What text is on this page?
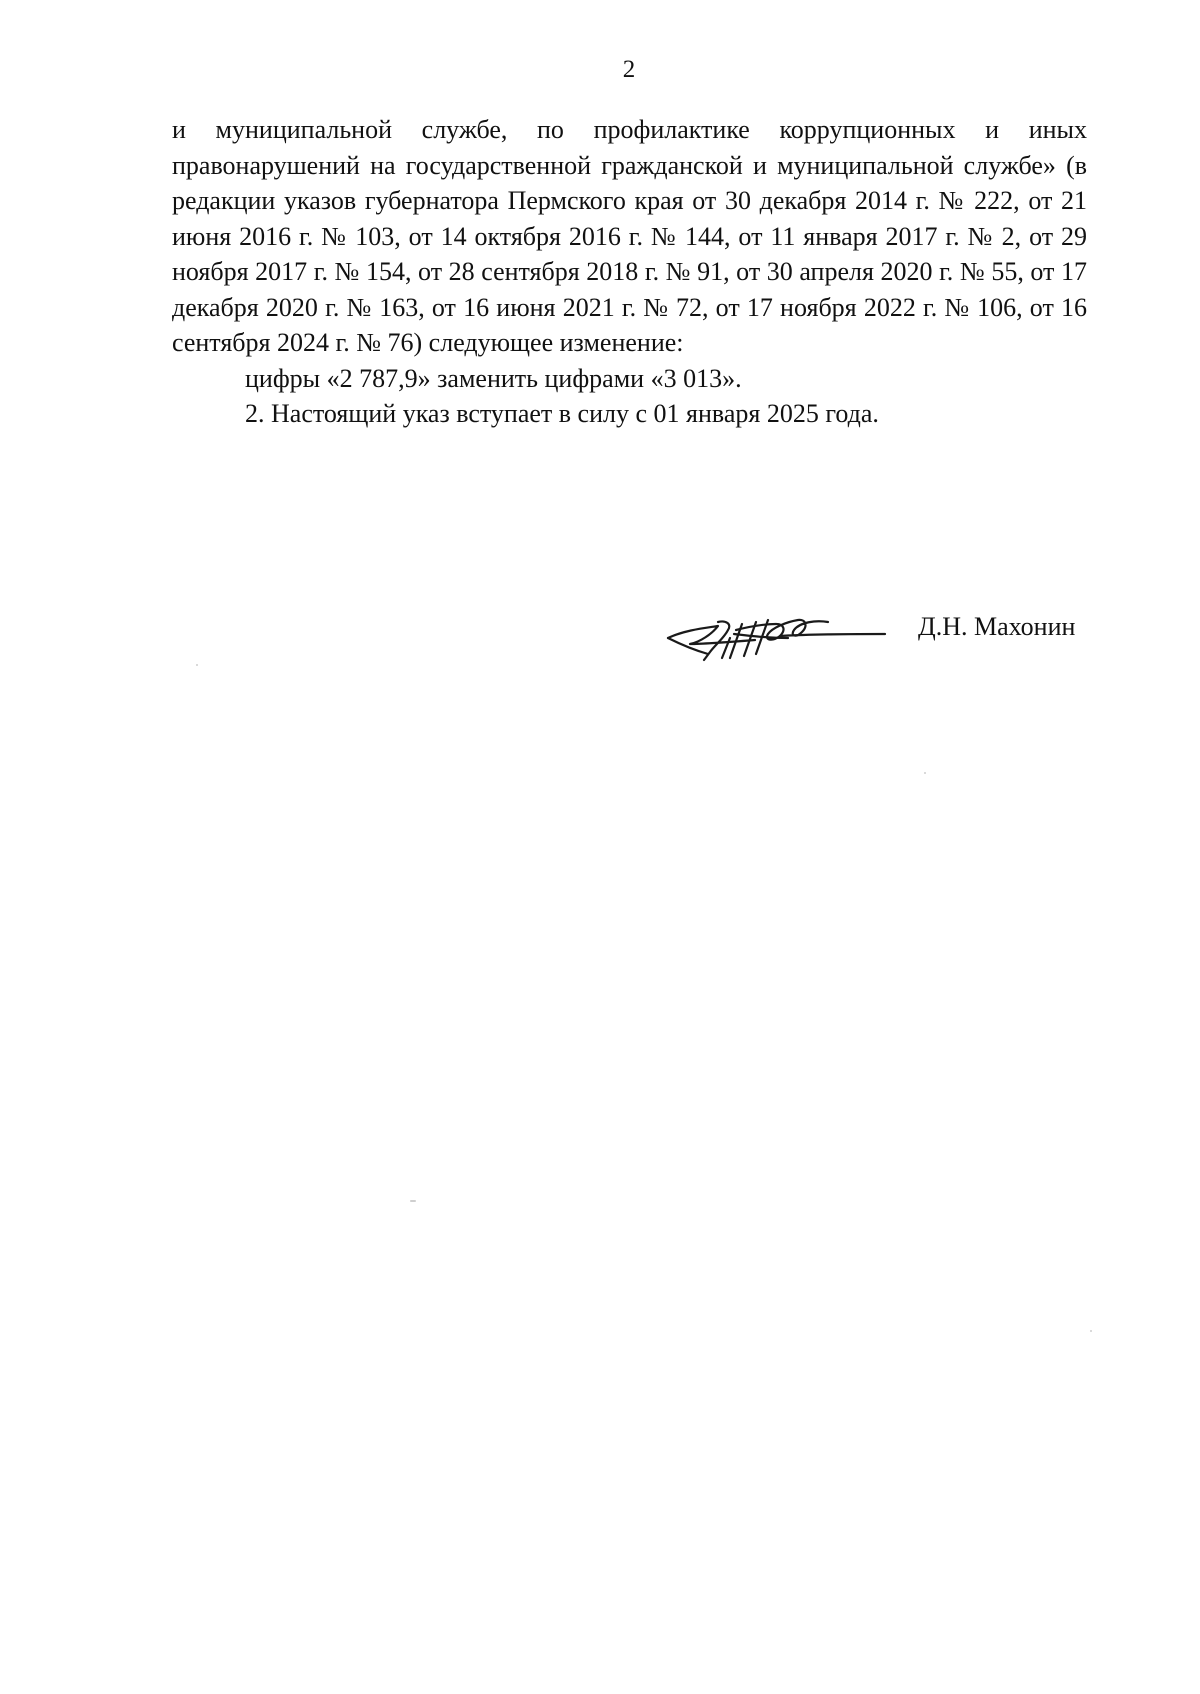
2

и муниципальной службе, по профилактике коррупционных и иных правонарушений на государственной гражданской и муниципальной службе» (в редакции указов губернатора Пермского края от 30 декабря 2014 г. № 222, от 21 июня 2016 г. № 103, от 14 октября 2016 г. № 144, от 11 января 2017 г. № 2, от 29 ноября 2017 г. № 154, от 28 сентября 2018 г. № 91, от 30 апреля 2020 г. № 55, от 17 декабря 2020 г. № 163, от 16 июня 2021 г. № 72, от 17 ноября 2022 г. № 106, от 16 сентября 2024 г. № 76) следующее изменение:

цифры «2 787,9» заменить цифрами «3 013».

2. Настоящий указ вступает в силу с 01 января 2025 года.

Д.Н. Махонин
